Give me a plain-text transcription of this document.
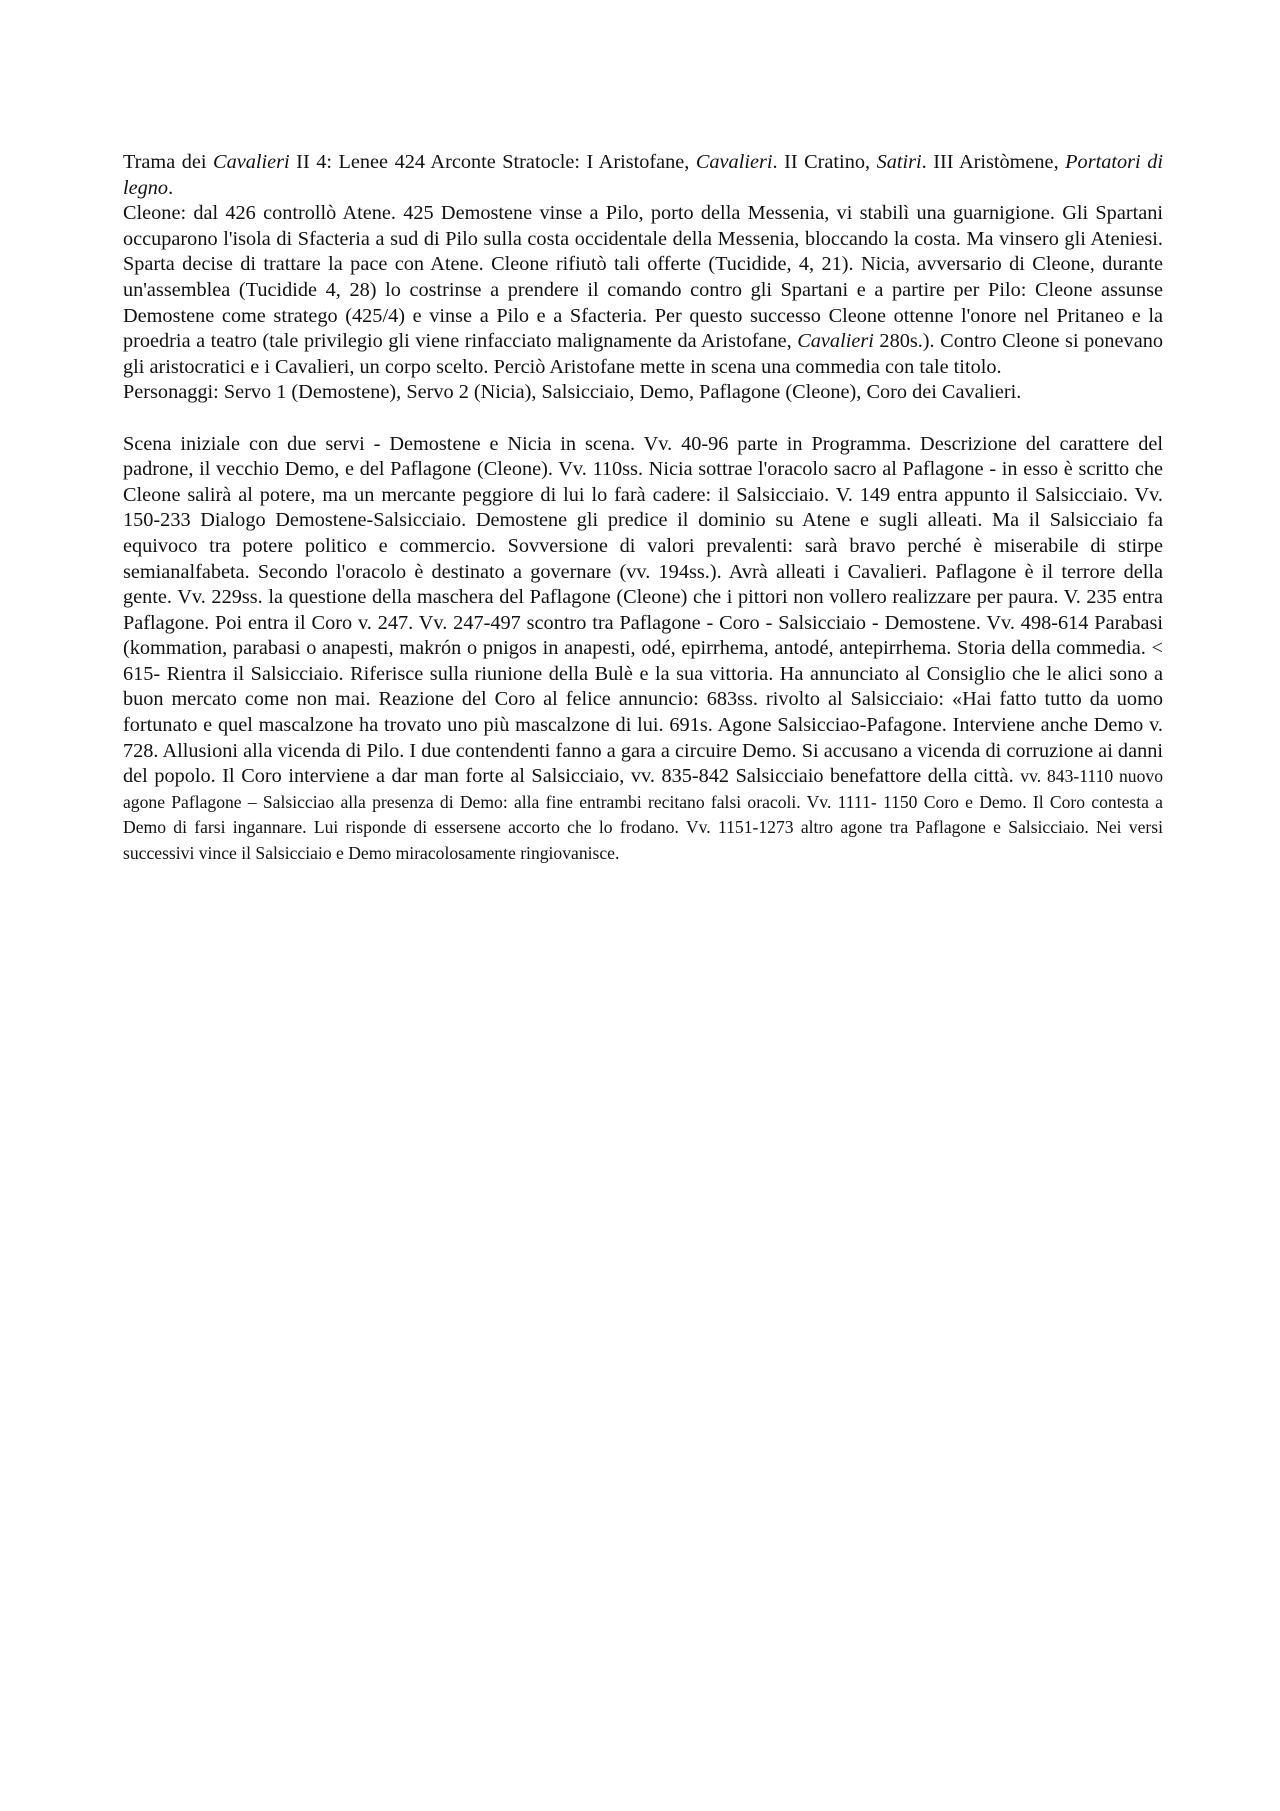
Trama dei Cavalieri II 4: Lenee 424 Arconte Stratocle: I Aristofane, Cavalieri. II Cratino, Satiri. III Aristòmene, Portatori di legno.

Cleone: dal 426 controllò Atene. 425 Demostene vinse a Pilo, porto della Messenia, vi stabilì una guarnigione. Gli Spartani occuparono l'isola di Sfacteria a sud di Pilo sulla costa occidentale della Messenia, bloccando la costa. Ma vinsero gli Ateniesi. Sparta decise di trattare la pace con Atene. Cleone rifiutò tali offerte (Tucidide, 4, 21). Nicia, avversario di Cleone, durante un'assemblea (Tucidide 4, 28) lo costrinse a prendere il comando contro gli Spartani e a partire per Pilo: Cleone assunse Demostene come stratego (425/4) e vinse a Pilo e a Sfacteria. Per questo successo Cleone ottenne l'onore nel Pritaneo e la proedria a teatro (tale privilegio gli viene rinfacciato malignamente da Aristofane, Cavalieri 280s.). Contro Cleone si ponevano gli aristocratici e i Cavalieri, un corpo scelto. Perciò Aristofane mette in scena una commedia con tale titolo.

Personaggi: Servo 1 (Demostene), Servo 2 (Nicia), Salsicciaio, Demo, Paflagone (Cleone), Coro dei Cavalieri.

Scena iniziale con due servi - Demostene e Nicia in scena. Vv. 40-96 parte in Programma. Descrizione del carattere del padrone, il vecchio Demo, e del Paflagone (Cleone). Vv. 110ss. Nicia sottrae l'oracolo sacro al Paflagone - in esso è scritto che Cleone salirà al potere, ma un mercante peggiore di lui lo farà cadere: il Salsicciaio. V. 149 entra appunto il Salsicciaio. Vv. 150-233 Dialogo Demostene-Salsicciaio. Demostene gli predice il dominio su Atene e sugli alleati. Ma il Salsicciaio fa equivoco tra potere politico e commercio. Sovversione di valori prevalenti: sarà bravo perché è miserabile di stirpe semianalfabeta. Secondo l'oracolo è destinato a governare (vv. 194ss.). Avrà alleati i Cavalieri. Paflagone è il terrore della gente. Vv. 229ss. la questione della maschera del Paflagone (Cleone) che i pittori non vollero realizzare per paura. V. 235 entra Paflagone. Poi entra il Coro v. 247. Vv. 247-497 scontro tra Paflagone - Coro - Salsicciaio - Demostene. Vv. 498-614 Parabasi (kommation, parabasi o anapesti, makrón o pnigos in anapesti, odé, epirrhema, antodé, antepirrhema. Storia della commedia. < 615- Rientra il Salsicciaio. Riferisce sulla riunione della Bulè e la sua vittoria. Ha annunciato al Consiglio che le alici sono a buon mercato come non mai. Reazione del Coro al felice annuncio: 683ss. rivolto al Salsicciaio: «Hai fatto tutto da uomo fortunato e quel mascalzone ha trovato uno più mascalzone di lui. 691s. Agone Salsicciao-Pafagone. Interviene anche Demo v. 728. Allusioni alla vicenda di Pilo. I due contendenti fanno a gara a circuire Demo. Si accusano a vicenda di corruzione ai danni del popolo. Il Coro interviene a dar man forte al Salsicciaio, vv. 835-842 Salsicciaio benefattore della città. vv. 843-1110 nuovo agone Paflagone – Salsicciao alla presenza di Demo: alla fine entrambi recitano falsi oracoli. Vv. 1111- 1150 Coro e Demo. Il Coro contesta a Demo di farsi ingannare. Lui risponde di essersene accorto che lo frodano. Vv. 1151-1273 altro agone tra Paflagone e Salsicciaio. Nei versi successivi vince il Salsicciaio e Demo miracolosamente ringiovanisce.
